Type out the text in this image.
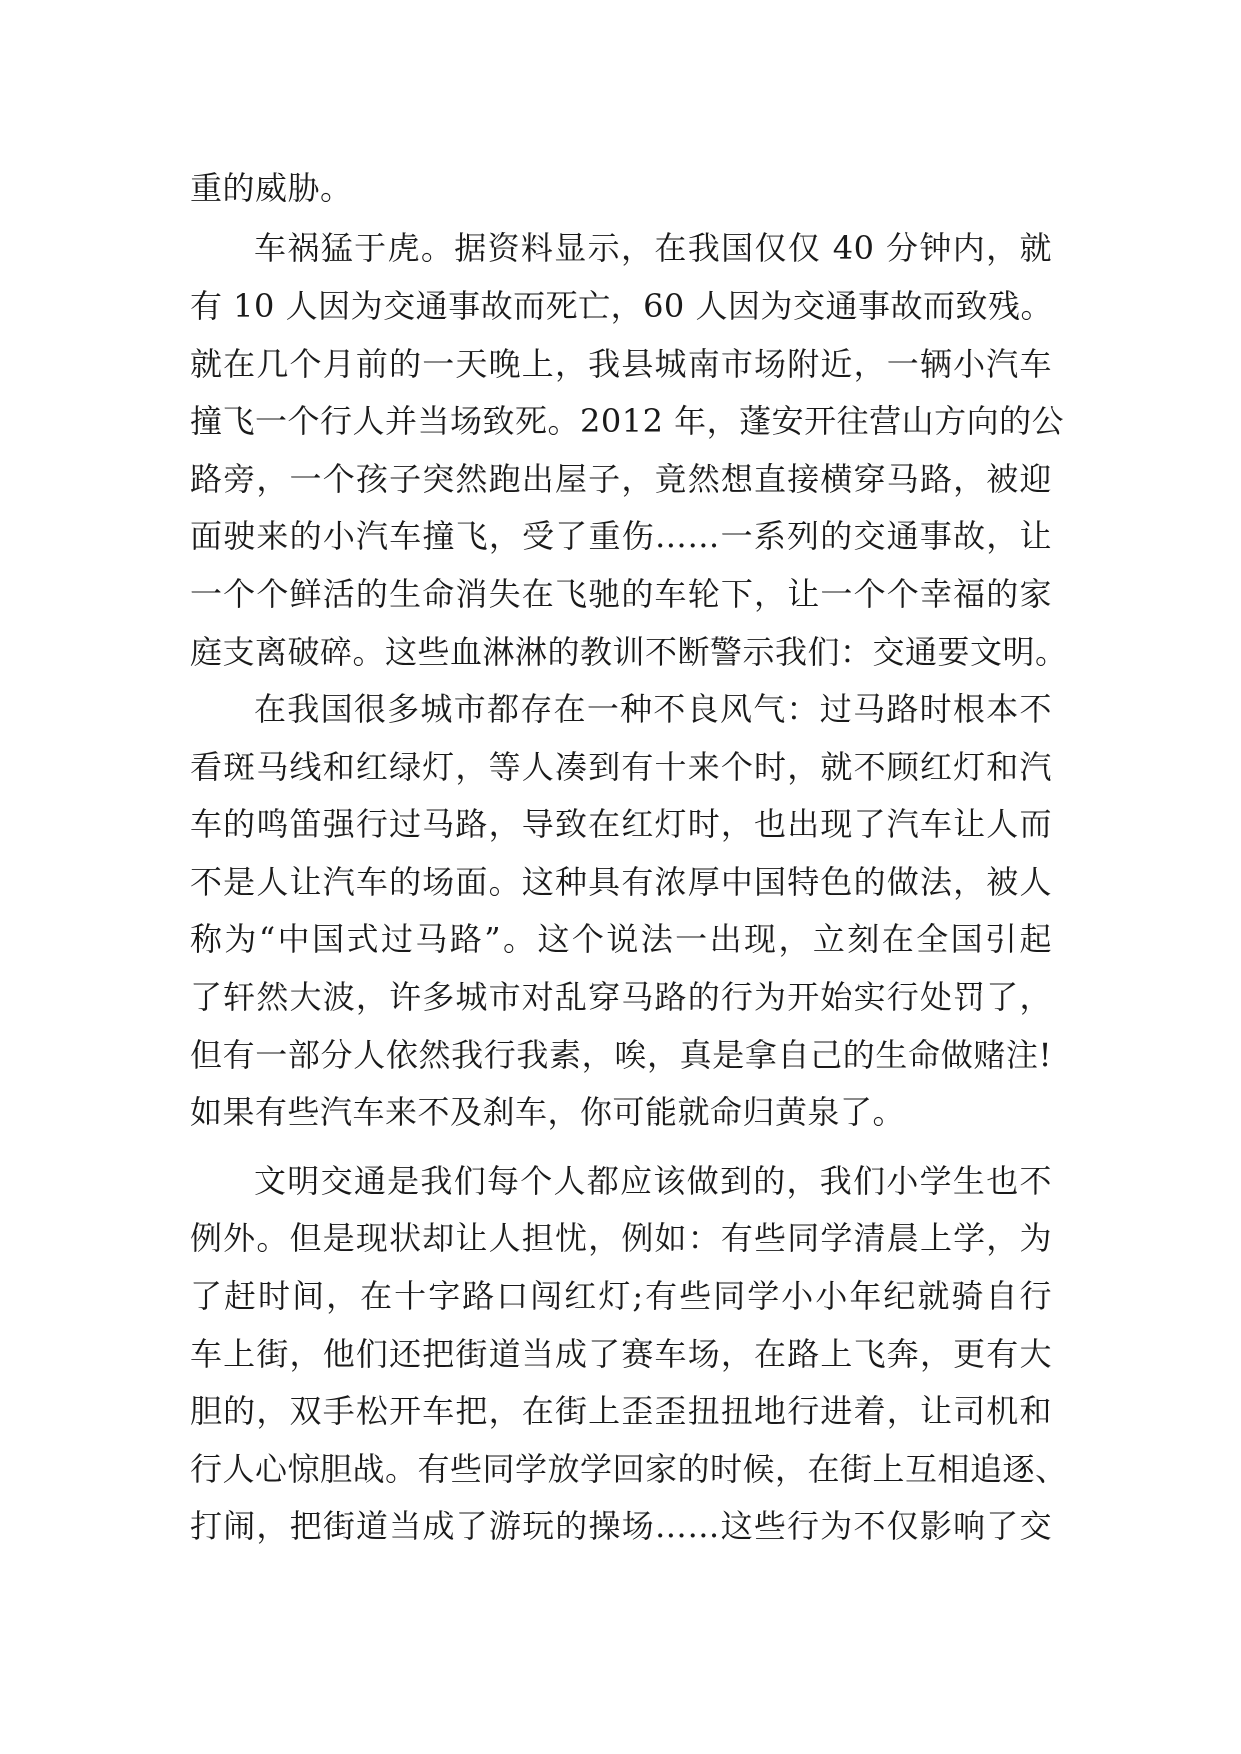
重的威胁。
车祸猛于虎。据资料显示，在我国仅仅 40 分钟内，就
有 10 人因为交通事故而死亡，60 人因为交通事故而致残。
就在几个月前的一天晚上，我县城南市场附近，一辆小汽车
撞飞一个行人并当场致死。2012 年，蓬安开往营山方向的公
路旁，一个孩子突然跑出屋子，竟然想直接横穿马路，被迎
面驶来的小汽车撞飞，受了重伤……一系列的交通事故，让
一个个鲜活的生命消失在飞驰的车轮下，让一个个幸福的家
庭支离破碎。这些血淋淋的教训不断警示我们：交通要文明。
在我国很多城市都存在一种不良风气：过马路时根本不
看斑马线和红绿灯，等人凑到有十来个时，就不顾红灯和汽
车的鸣笛强行过马路，导致在红灯时，也出现了汽车让人而
不是人让汽车的场面。这种具有浓厚中国特色的做法，被人
称为“中国式过马路”。这个说法一出现，立刻在全国引起
了轩然大波，许多城市对乱穿马路的行为开始实行处罚了，
但有一部分人依然我行我素，唉，真是拿自己的生命做赌注!
如果有些汽车来不及刹车，你可能就命归黄泉了。
文明交通是我们每个人都应该做到的，我们小学生也不
例外。但是现状却让人担忧，例如：有些同学清晨上学，为
了赶时间，在十字路口闯红灯;有些同学小小年纪就骑自行
车上街，他们还把街道当成了赛车场，在路上飞奔，更有大
胆的，双手松开车把，在街上歪歪扭扭地行进着，让司机和
行人心惊胆战。有些同学放学回家的时候，在街上互相追逐、
打闹，把街道当成了游玩的操场……这些行为不仅影响了交
